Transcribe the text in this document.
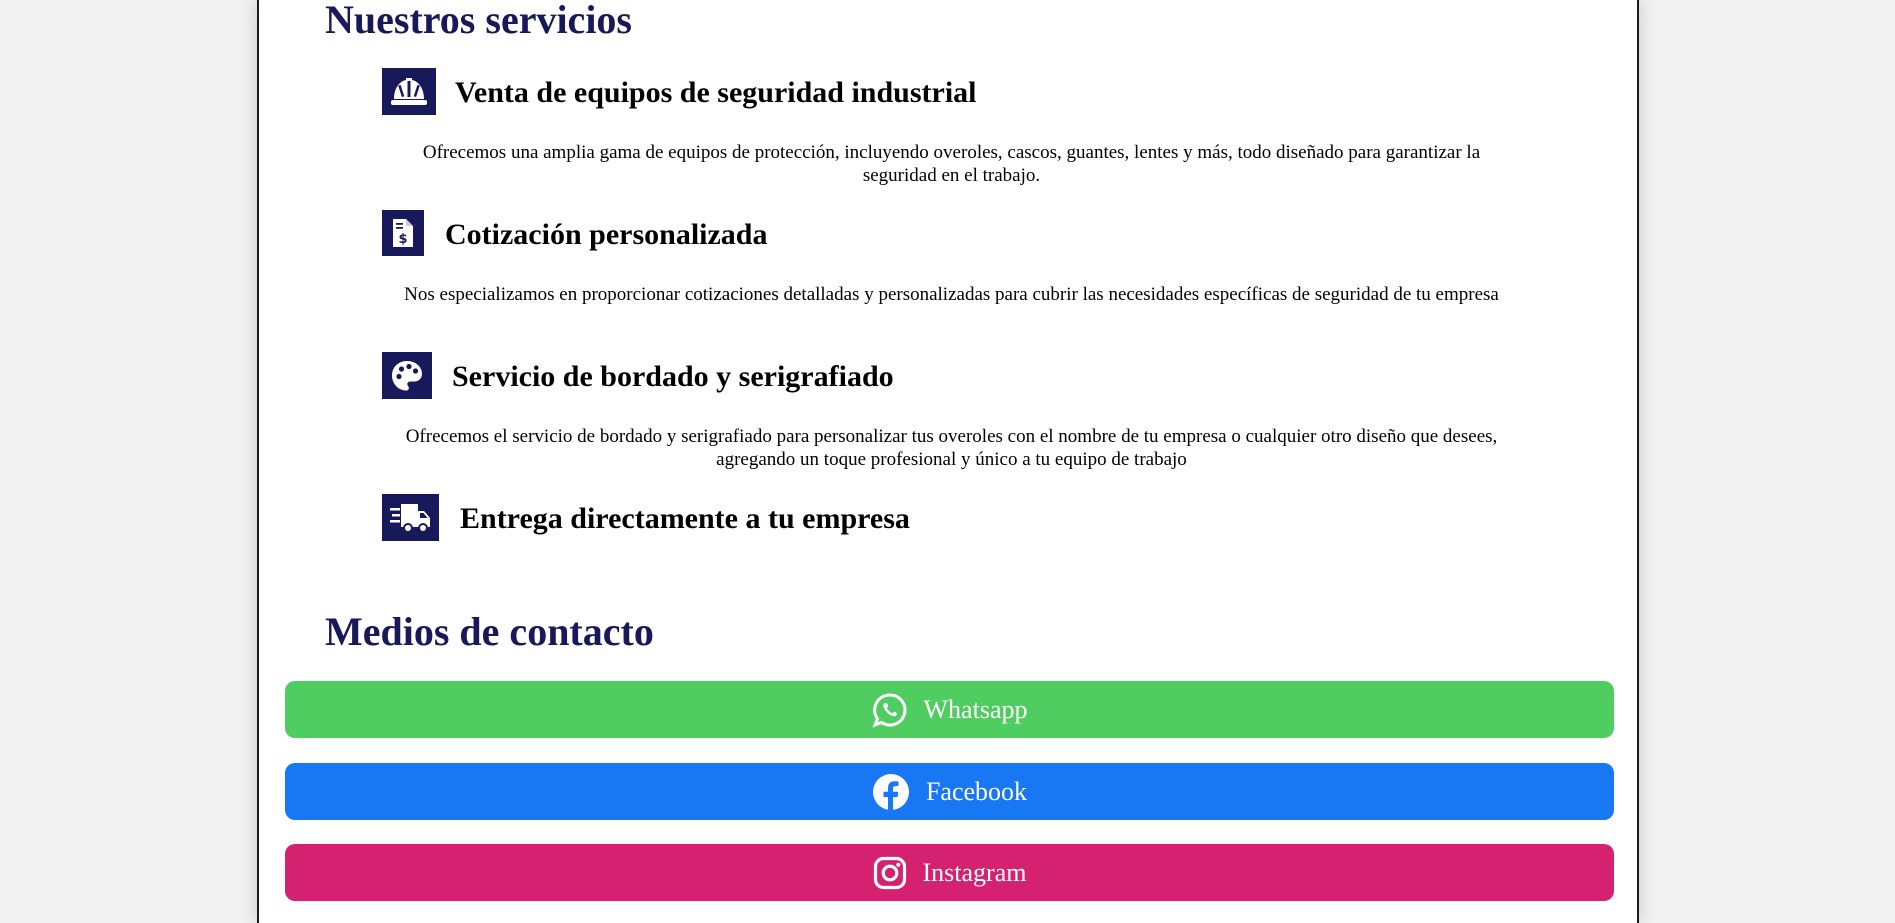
Nuestros servicios
Venta de equipos de seguridad industrial

Ofrecemos una amplia gama de equipos de protección, incluyendo overoles, cascos, guantes, lentes y más, todo diseñado para garantizar la seguridad en el trabajo.

$ Cotización personalizada

Nos especializamos en proporcionar cotizaciones detalladas y personalizadas para cubrir las necesidades específicas de seguridad de tu empresa

Servicio de bordado y serigrafiado

Ofrecemos el servicio de bordado y serigrafiado para personalizar tus overoles con el nombre de tu empresa o cualquier otro diseño que desees, agregando un toque profesional y único a tu equipo de trabajo

Entrega directamente a tu empresa
Medios de contacto
Whatsapp
Facebook
Instagram
